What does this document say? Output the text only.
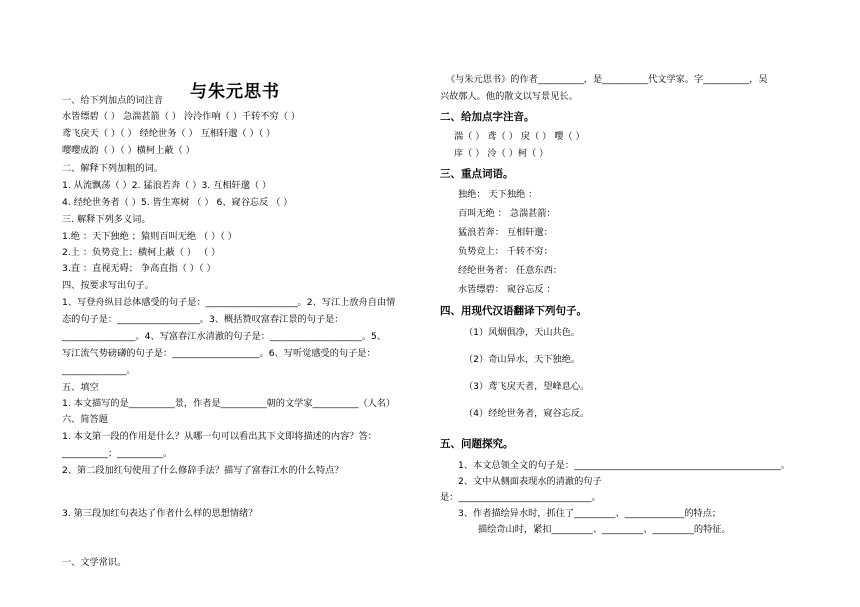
与朱元思书
一、给下列加点的词注音
水皆缥碧（ ） 急湍甚箭（ ） 泠泠作响（ ）千转不穷（ ）
鸢飞戾天（ ）（ ） 经纶世务（ ） 互相轩邈（ ）（ ）
嘤嘤成韵（ ）（ ）横柯上蔽（ ）
二、解释下列加粗的词。
1. 从流飘荡（ ）2. 猛浪若奔（ ）3. 互相轩邈（ ）
4. 经纶世务者（ ）5. 皆生寒树 （ ） 6、窥谷忘反 （ ）
三. 解释下列多义词。
1.绝 ：天下独绝 ；猿则百叫无绝 （ ）（ ）
2.上 ：负势竞上；横柯上蔽（ ） （ ）
3.直 ：直视无碍； 争高直指（ ）（ ）
四、按要求写出句子。
1、写登舟纵目总体感受的句子是：____________________。2、写江上放舟自由情
态的句子是：__________________。3、概括赞叹富春江景的句子是：
________________。4、写富春江水清澈的句子是：____________________。5、
写江流气势磅礴的句子是：___________________。6、写听觉感受的句子是：
______________。
五、填空
1. 本文描写的是__________景，作者是__________朝的文学家__________（人名）
六、简答题
1. 本文第一段的作用是什么？从哪一句可以看出其下文即将描述的内容？答：
__________；__________。
2、第二段加红句使用了什么修辞手法？描写了富春江水的什么特点？
3. 第三段加红句表达了作者什么样的思想情绪？
一、文学常识。
《与朱元思书》的作者__________，是__________代文学家。字__________，吴
兴故鄣人。他的散文以写景见长。
二、给加点字注音。
湍（ ） 鸢（ ） 戾（ ） 嘤（ ）
庠（ ） 泠（ ）柯（ ）
三、重点词语。
独绝： 天下独绝 ：
百叫无绝 ： 急湍甚箭：
猛浪若奔： 互相轩邈：
负势竞上： 千转不穷：
经纶世务者： 任意东西：
水皆缥碧： 窥谷忘反 ：
四、用现代汉语翻译下列句子。
（1）风烟俱净，天山共色。
（2）奇山异水，天下独绝。
（3）鸢飞戾天者，望峰息心。
（4）经纶世务者，窥谷忘反。
五、问题探究。
1、本文总领全文的句子是：_____________________________________________。
2、文中从侧面表现水的清澈的句子
是：_____________________________。
3、作者描绘异水时，抓住了_________、_____________的特点；
描绘奇山时，紧扣_________、_________、_________的特征。
